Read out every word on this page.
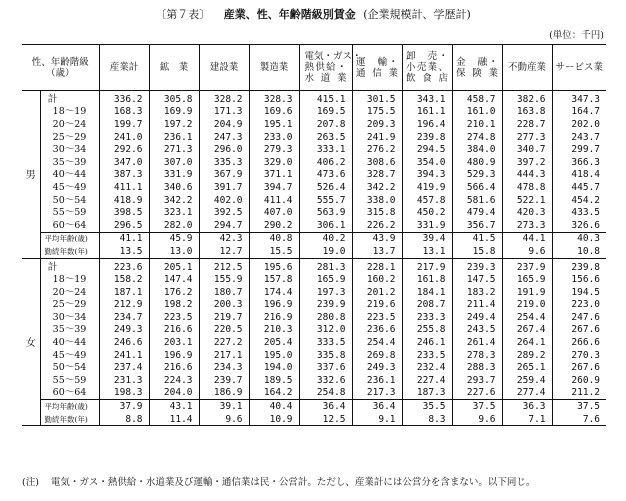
〔第７表〕 産業、性、年齢階級別賃金 (企業規模計、学歴計)
(単位：千円)
性、年齢階級
（歳）		産業計	鉱　業	建設業	製造業	電気・ガス・
熱供給・
水道業	運　輸・
通信業	卸　売・
小売業、
飲食店	金　融・
保険業	不動産業	サービス業
男	計	336.2	305.8	328.2	328.3	415.1	301.5	343.1	458.7	382.6	347.3
	18～19	168.3	169.9	171.3	169.6	169.5	175.5	161.1	161.0	163.8	164.7
	20～24	199.7	197.2	204.9	195.1	207.8	209.3	196.4	210.1	228.7	202.0
	25～29	241.0	236.1	247.3	233.0	263.5	241.9	239.8	274.8	277.3	243.7
	30～34	292.6	271.3	296.0	279.3	333.1	276.2	294.5	384.0	340.7	299.7
	35～39	347.0	307.0	335.3	329.0	406.2	308.6	354.0	480.9	397.2	366.3
	40～44	387.3	331.9	367.9	371.1	473.6	328.7	394.3	529.3	444.3	418.4
	45～49	411.1	340.6	391.7	394.7	526.4	342.2	419.9	566.4	478.8	445.7
	50～54	418.9	342.2	402.0	411.4	555.7	338.0	457.8	581.6	522.1	454.2
	55～59	398.5	323.1	392.5	407.0	563.9	315.8	450.2	479.4	420.3	433.5
	60～64	296.5	282.0	294.7	290.2	306.1	226.2	331.9	356.7	273.3	326.6
	平均年齢(歳)	41.1	45.9	42.3	40.8	40.2	43.9	39.4	41.5	44.1	40.3
	勤続年数(年)	13.5	13.0	12.7	15.5	19.0	13.7	13.1	15.8	9.6	10.8
女	計	223.6	205.1	212.5	195.6	281.3	228.1	217.9	239.3	237.9	239.8
	18～19	158.2	147.4	155.9	157.8	165.9	160.2	161.8	147.5	165.9	156.6
	20～24	187.1	176.2	180.7	174.4	197.3	201.2	184.1	183.2	191.9	194.5
	25～29	212.9	198.2	200.3	196.9	239.9	219.6	208.7	211.4	219.0	223.0
	30～34	234.7	223.5	219.7	216.9	280.8	223.5	233.3	249.4	254.4	247.6
	35～39	249.3	216.6	220.5	210.3	312.0	236.6	255.8	243.5	267.4	267.6
	40～44	246.6	203.1	227.2	205.4	333.5	254.4	246.1	261.4	264.1	266.6
	45～49	241.1	196.9	217.1	195.0	335.8	269.8	233.5	278.3	289.2	270.3
	50～54	237.4	216.6	234.3	194.0	337.6	249.3	232.4	288.3	265.1	267.6
	55～59	231.3	224.3	239.7	189.5	332.6	236.1	227.4	293.7	259.4	260.9
	60～64	198.3	204.0	186.9	164.2	254.8	217.3	187.3	227.6	277.4	211.2
	平均年齢(歳)	37.9	43.1	39.1	40.4	36.4	36.4	35.5	37.5	36.3	37.5
	勤続年数(年)	8.8	11.4	9.6	10.9	12.5	9.1	8.3	9.6	7.1	7.6
(注) 電気・ガス・熱供給・水道業及び運輸・通信業は民・公営計。ただし、産業計には公営分を含まない。以下同じ。
